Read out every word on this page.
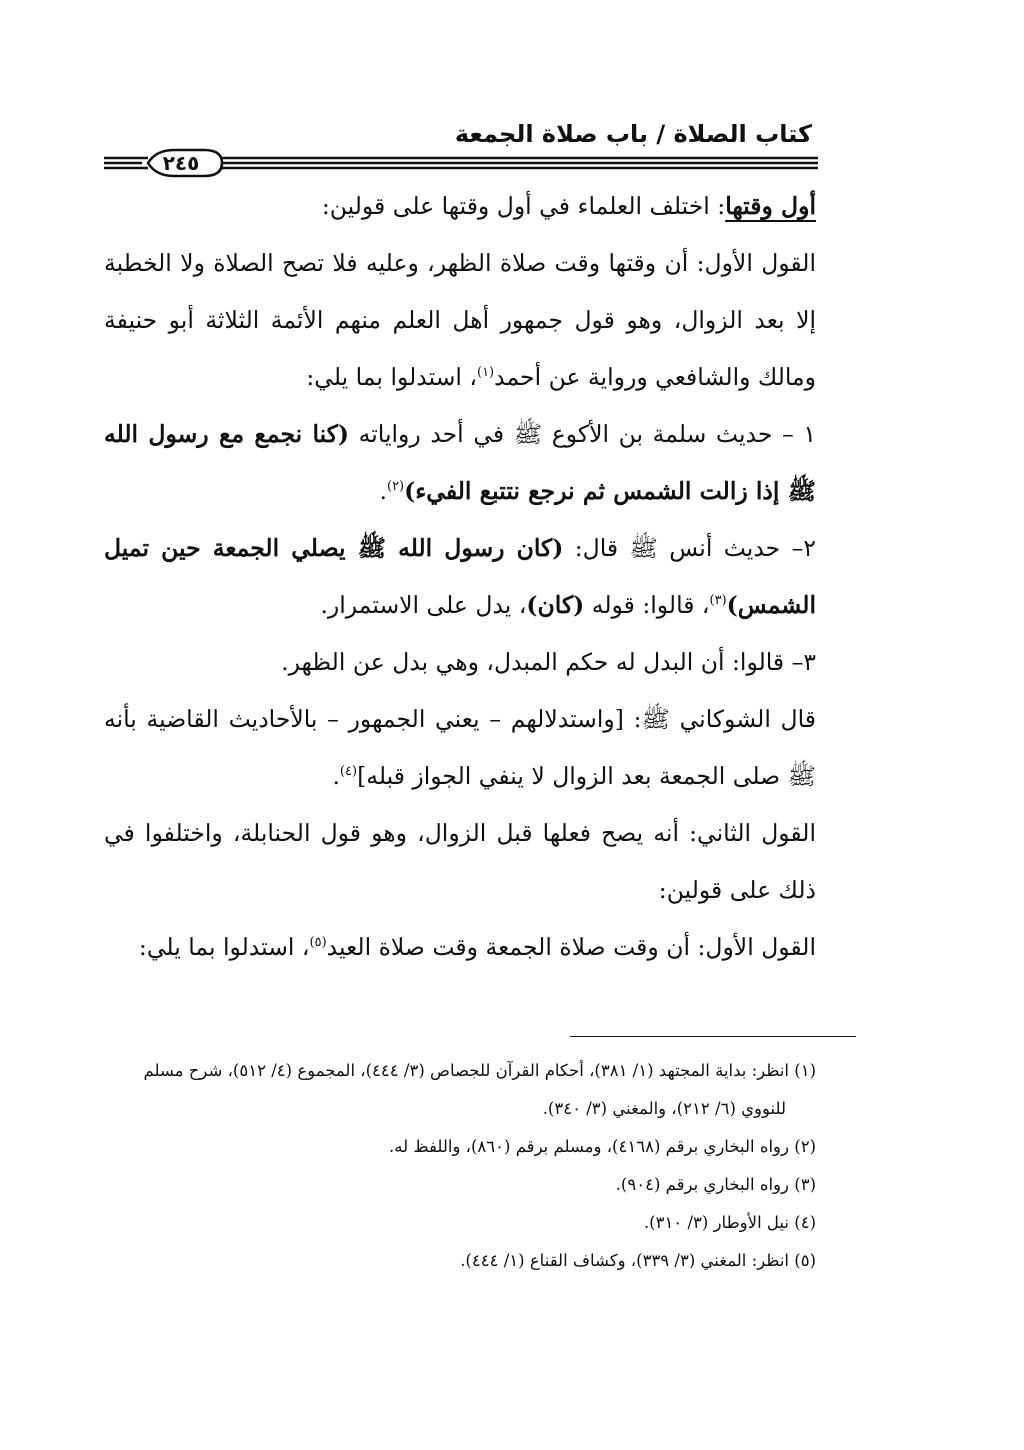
كتاب الصلاة / باب صلاة الجمعة
٢٤٥

أول وقتها: اختلف العلماء في أول وقتها على قولين:

القول الأول: أن وقتها وقت صلاة الظهر، وعليه فلا تصح الصلاة ولا الخطبة إلا بعد الزوال، وهو قول جمهور أهل العلم منهم الأئمة الثلاثة أبو حنيفة ومالك والشافعي ورواية عن أحمد$^{(١)}$، استدلوا بما يلي:

١ – حديث سلمة بن الأكوع ﷺ في أحد رواياته (كنا نجمع مع رسول الله ﷺ إذا زالت الشمس ثم نرجع نتتبع الفيء)$^{(٢)}$.

٢– حديث أنس ﷺ قال: (كان رسول الله ﷺ يصلي الجمعة حين تميل الشمس)$^{(٣)}$، قالوا: قوله (كان)، يدل على الاستمرار.

٣– قالوا: أن البدل له حكم المبدل، وهي بدل عن الظهر.

قال الشوكاني ﷺ: [واستدلالهم – يعني الجمهور – بالأحاديث القاضية بأنه ﷺ صلى الجمعة بعد الزوال لا ينفي الجواز قبله]$^{(٤)}$.

القول الثاني: أنه يصح فعلها قبل الزوال، وهو قول الحنابلة، واختلفوا في ذلك على قولين:

القول الأول: أن وقت صلاة الجمعة وقت صلاة العيد$^{(٥)}$، استدلوا بما يلي:

(١) انظر: بداية المجتهد (١/ ٣٨١)، أحكام القرآن للجصاص (٣/ ٤٤٤)، المجموع (٤/ ٥١٢)، شرح مسلم

للنووي (٦/ ٢١٢)، والمغني (٣/ ٣٤٠).

(٢) رواه البخاري برقم (٤١٦٨)، ومسلم برقم (٨٦٠)، واللفظ له.

(٣) رواه البخاري برقم (٩٠٤).

(٤) نيل الأوطار (٣/ ٣١٠).

(٥) انظر: المغني (٣/ ٣٣٩)، وكشاف القناع (١/ ٤٤٤).
